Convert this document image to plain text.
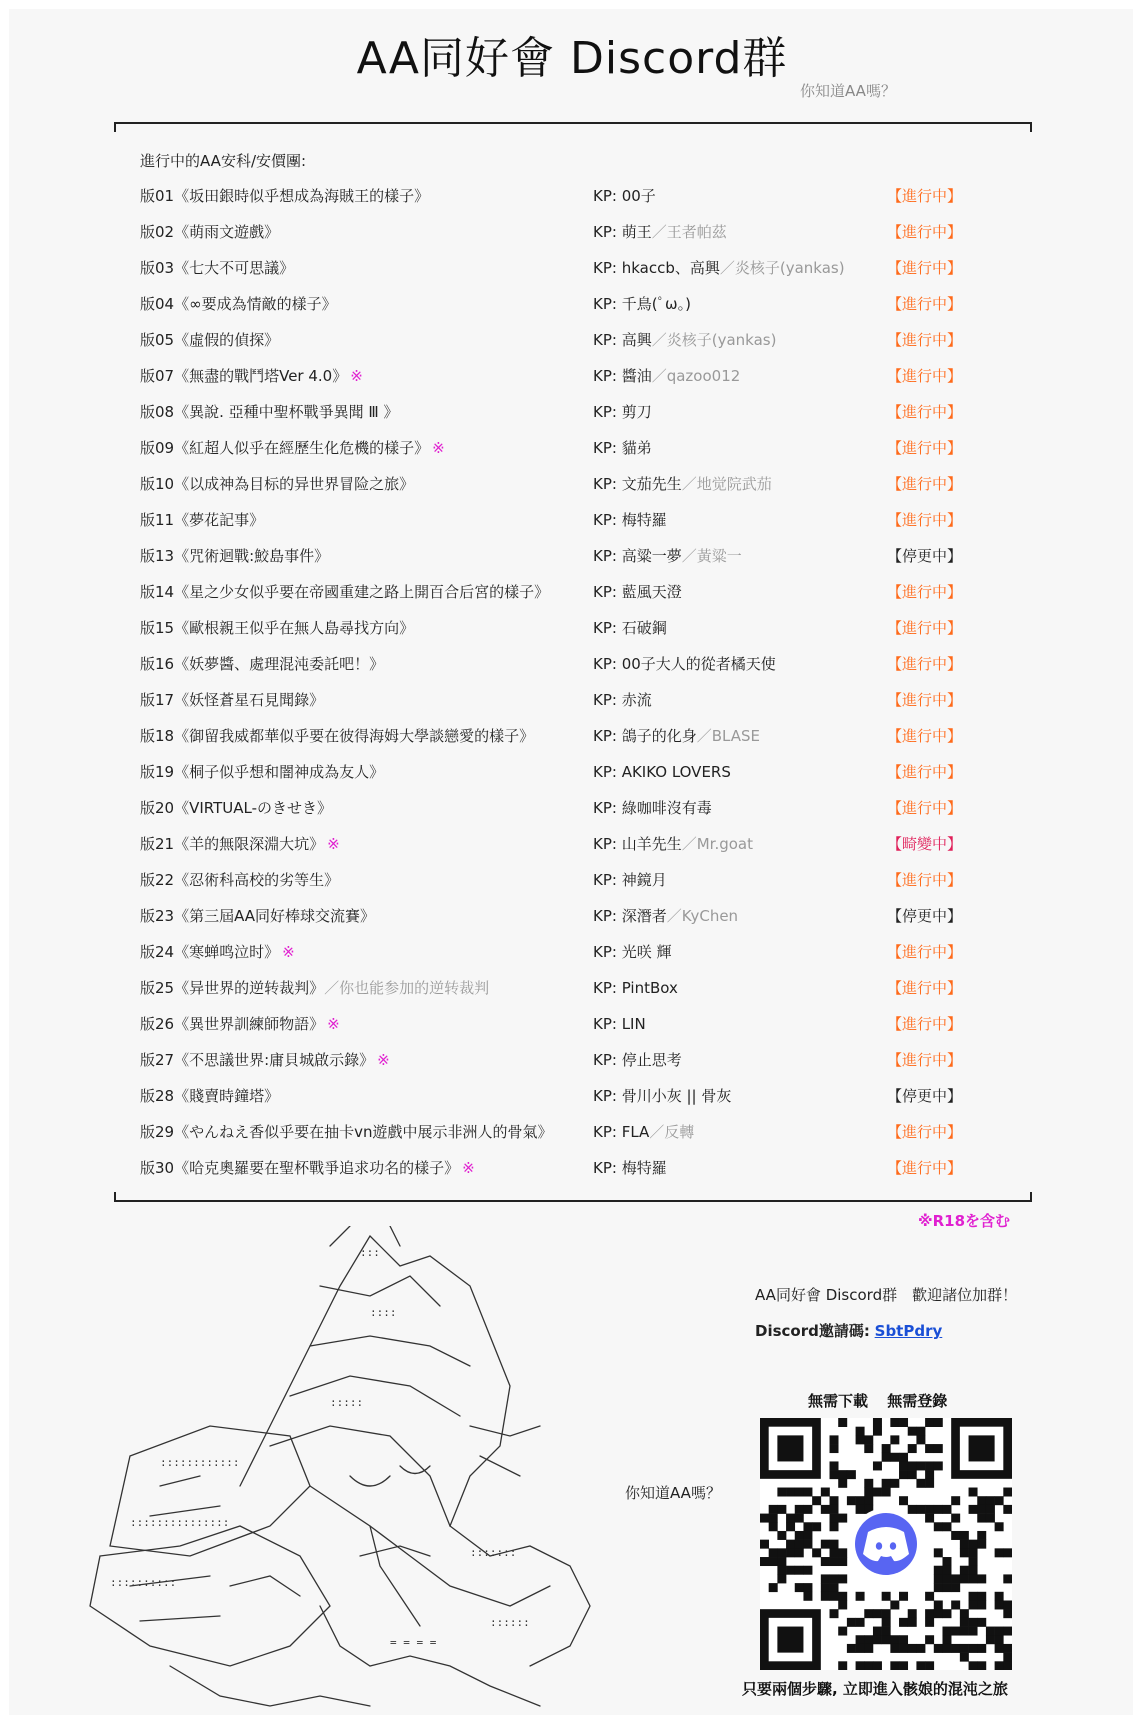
AA同好會 Discord群
你知道AA嗎？
進行中的AA安科/安價團:
版01《坂田銀時似乎想成為海賊王的樣子》	KP: 00子	【進行中】
版02《萌雨文遊戲》	KP: 萌王／王者帕茲	【進行中】
版03《七大不可思議》	KP: hkaccb、高興／炎核子(yankas)	【進行中】
版04《∞要成為情敵的樣子》	KP: 千鳥(ﾟω。)	【進行中】
版05《虛假的偵探》	KP: 高興／炎核子(yankas)	【進行中】
版07《無盡的戰鬥塔Ver 4.0》 ※	KP: 醬油／qazoo012	【進行中】
版08《異說. 亞種中聖杯戰爭異聞 Ⅲ 》	KP: 剪刀	【進行中】
版09《紅超人似乎在經歷生化危機的樣子》 ※	KP: 貓弟	【進行中】
版10《以成神為目标的异世界冒险之旅》	KP: 文茄先生／地觉院武茄	【進行中】
版11《夢花記事》	KP: 梅特羅	【進行中】
版13《咒術迴戰:鮫島事件》	KP: 高粱一夢／黃粱一	【停更中】
版14《星之少女似乎要在帝國重建之路上開百合后宮的樣子》	KP: 藍風天澄	【進行中】
版15《歐根親王似乎在無人島尋找方向》	KP: 石破鋼	【進行中】
版16《妖夢醬、處理混沌委託吧！》	KP: 00子大人的從者橘天使	【進行中】
版17《妖怪蒼星石見聞錄》	KP: 赤流	【進行中】
版18《御留我威都華似乎要在彼得海姆大學談戀愛的樣子》	KP: 鴿子的化身／BLASE	【進行中】
版19《桐子似乎想和闇神成為友人》	KP: AKIKO LOVERS	【進行中】
版20《VIRTUAL-のきせき》	KP: 綠咖啡沒有毒	【進行中】
版21《羊的無限深淵大坑》 ※	KP: 山羊先生／Mr.goat	【畸變中】
版22《忍術科高校的劣等生》	KP: 神鏡月	【進行中】
版23《第三屆AA同好棒球交流賽》	KP: 深潛者／KyChen	【停更中】
版24《寒蝉鸣泣时》 ※	KP: 光咲 輝	【進行中】
版25《异世界的逆转裁判》／你也能参加的逆转裁判	KP: PintBox	【進行中】
版26《異世界訓練師物語》 ※	KP: LIN	【進行中】
版27《不思議世界:庸貝城啟示錄》 ※	KP: 停止思考	【進行中】
版28《賤賣時鐘塔》	KP: 骨川小灰 || 骨灰	【停更中】
版29《やんねえ香似乎要在抽卡vn遊戲中展示非洲人的骨氣》	KP: FLA／反轉	【進行中】
版30《哈克奧羅要在聖杯戰爭追求功名的樣子》 ※	KP: 梅特羅	【進行中】
※R18を含む
:::
::::
:::::
::::::::::::
:::::::::::::::
::::::::::
:::::::
::::::
= = = =
你知道AA嗎？
AA同好會 Discord群　歡迎諸位加群！
Discord邀請碼: SbtPdry
無需下載 無需登錄
只要兩個步驟, 立即進入骸娘的混沌之旅
